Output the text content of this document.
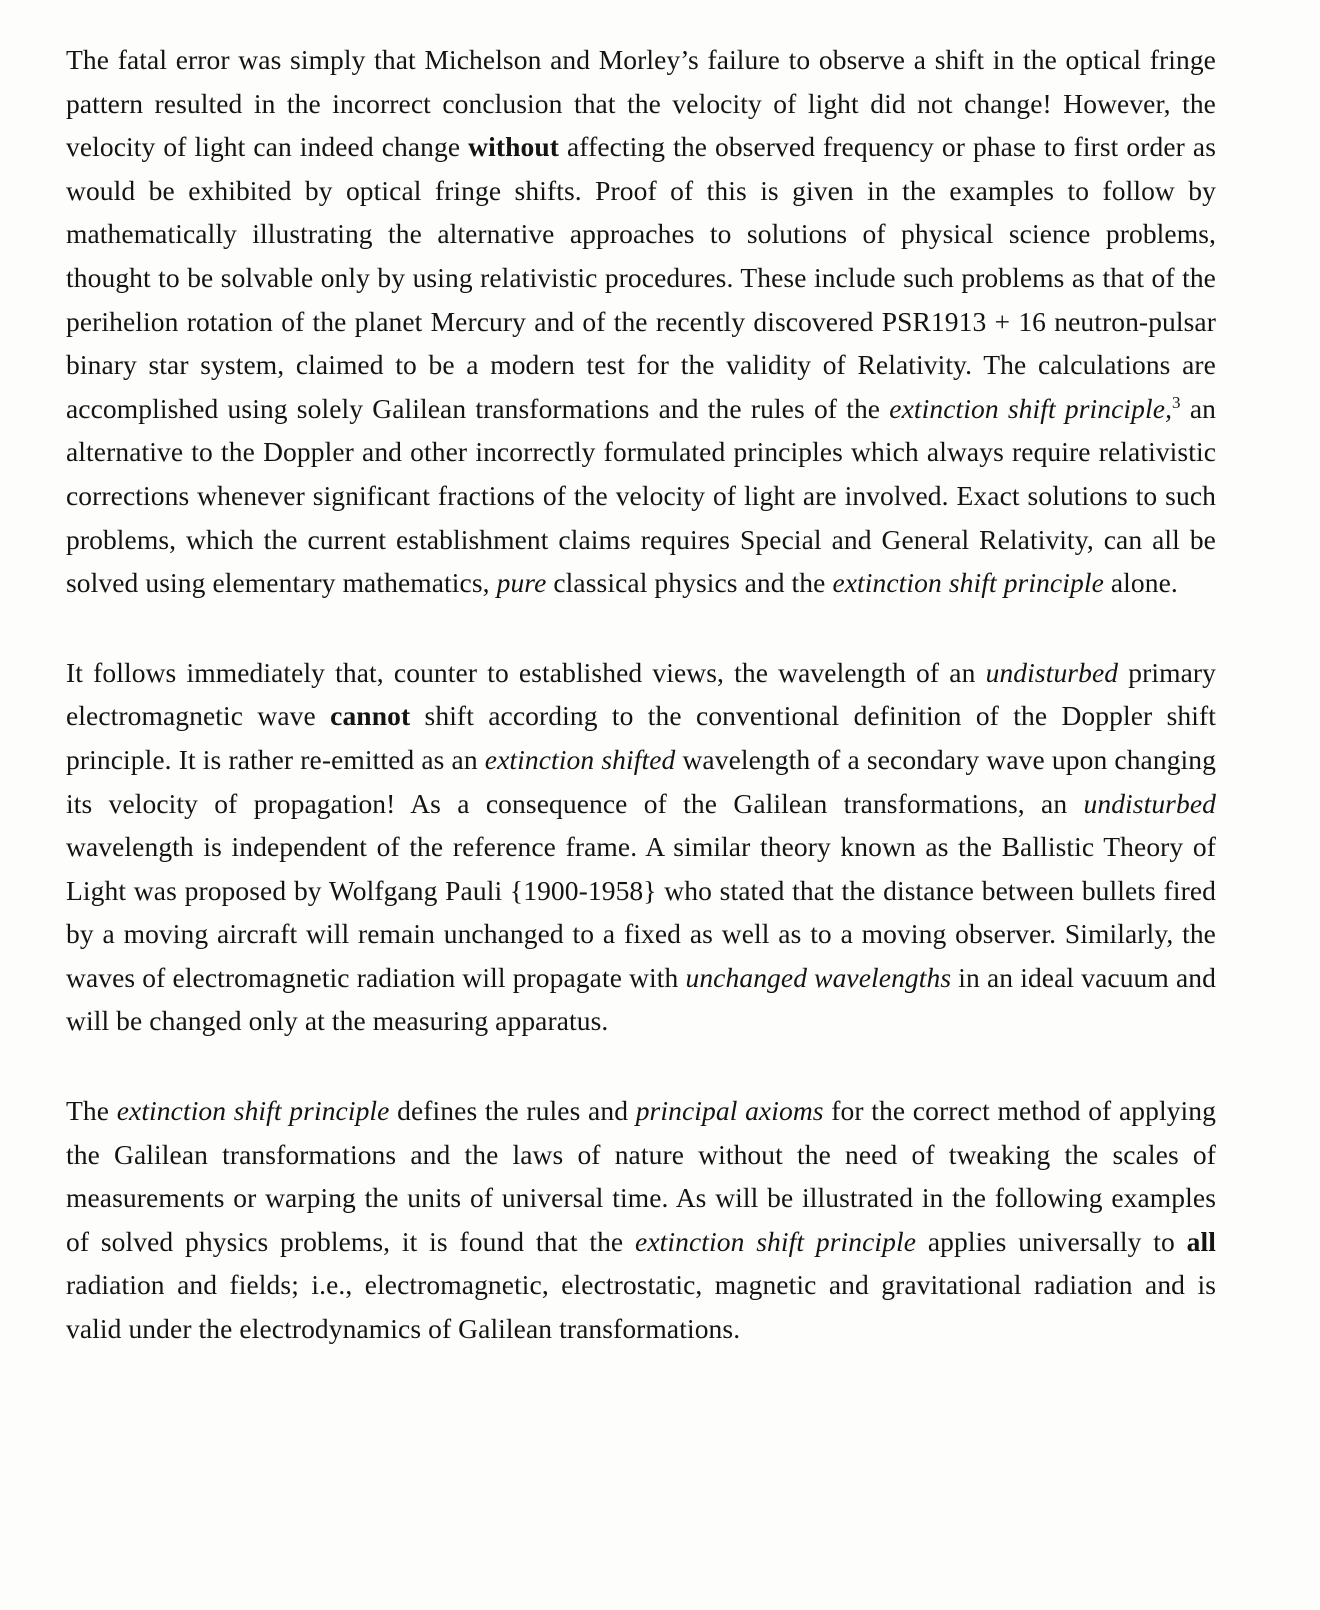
The fatal error was simply that Michelson and Morley’s failure to observe a shift in the optical fringe pattern resulted in the incorrect conclusion that the velocity of light did not change! However, the velocity of light can indeed change without affecting the observed frequency or phase to first order as would be exhibited by optical fringe shifts. Proof of this is given in the examples to follow by mathematically illustrating the alternative approaches to solutions of physical science problems, thought to be solvable only by using relativistic procedures. These include such problems as that of the perihelion rotation of the planet Mercury and of the recently discovered PSR1913 + 16 neutron-pulsar binary star system, claimed to be a modern test for the validity of Relativity. The calculations are accomplished using solely Galilean transformations and the rules of the extinction shift principle,$^3$ an alternative to the Doppler and other incorrectly formulated principles which always require relativistic corrections whenever significant fractions of the velocity of light are involved. Exact solutions to such problems, which the current establishment claims requires Special and General Relativity, can all be solved using elementary mathematics, pure classical physics and the extinction shift principle alone.

It follows immediately that, counter to established views, the wavelength of an undisturbed primary electromagnetic wave cannot shift according to the conventional definition of the Doppler shift principle. It is rather re-emitted as an extinction shifted wavelength of a secondary wave upon changing its velocity of propagation! As a consequence of the Galilean transformations, an undisturbed wavelength is independent of the reference frame. A similar theory known as the Ballistic Theory of Light was proposed by Wolfgang Pauli {1900-1958} who stated that the distance between bullets fired by a moving aircraft will remain unchanged to a fixed as well as to a moving observer. Similarly, the waves of electromagnetic radiation will propagate with unchanged wavelengths in an ideal vacuum and will be changed only at the measuring apparatus.

The extinction shift principle defines the rules and principal axioms for the correct method of applying the Galilean transformations and the laws of nature without the need of tweaking the scales of measurements or warping the units of universal time. As will be illustrated in the following examples of solved physics problems, it is found that the extinction shift principle applies universally to all radiation and fields; i.e., electromagnetic, electrostatic, magnetic and gravitational radiation and is valid under the electrodynamics of Galilean transformations.
